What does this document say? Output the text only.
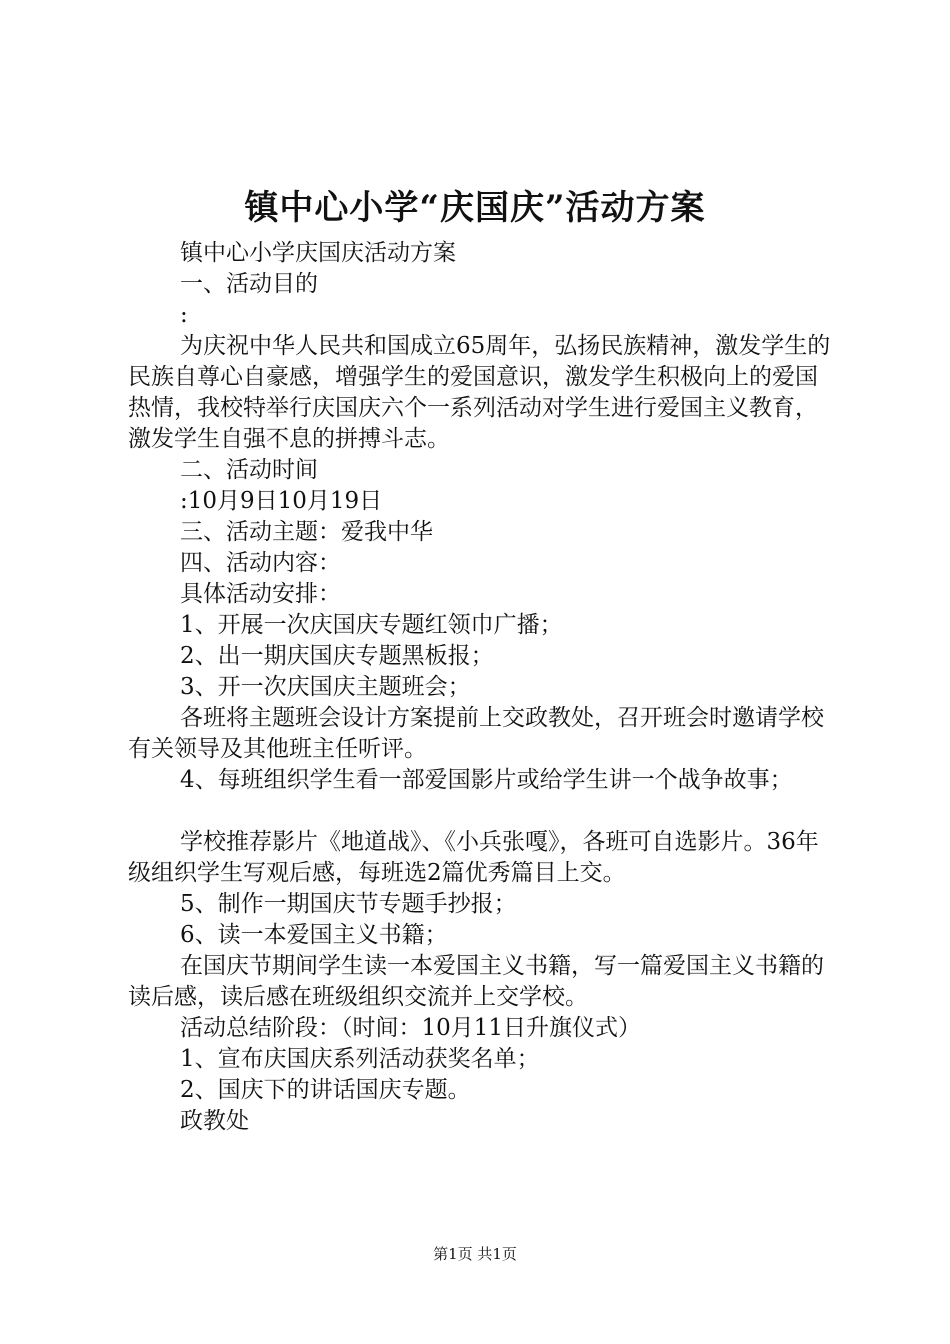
镇中心小学“庆国庆”活动方案

镇中心小学庆国庆活动方案

一、活动目的

:

为庆祝中华人民共和国成立65周年，弘扬民族精神，激发学生的民族自尊心自豪感，增强学生的爱国意识，激发学生积极向上的爱国热情，我校特举行庆国庆六个一系列活动对学生进行爱国主义教育，激发学生自强不息的拼搏斗志。

二、活动时间

:10月9日10月19日

三、活动主题：爱我中华

四、活动内容：

具体活动安排：

1、开展一次庆国庆专题红领巾广播；

2、出一期庆国庆专题黑板报；

3、开一次庆国庆主题班会；

各班将主题班会设计方案提前上交政教处，召开班会时邀请学校有关领导及其他班主任听评。

4、每班组织学生看一部爱国影片或给学生讲一个战争故事；

学校推荐影片《地道战》、《小兵张嘎》，各班可自选影片。36年级组织学生写观后感，每班选2篇优秀篇目上交。

5、制作一期国庆节专题手抄报；

6、读一本爱国主义书籍；

在国庆节期间学生读一本爱国主义书籍，写一篇爱国主义书籍的读后感，读后感在班级组织交流并上交学校。

活动总结阶段：（时间：10月11日升旗仪式）

1、宣布庆国庆系列活动获奖名单；

2、国庆下的讲话国庆专题。

政教处

第1页 共1页
